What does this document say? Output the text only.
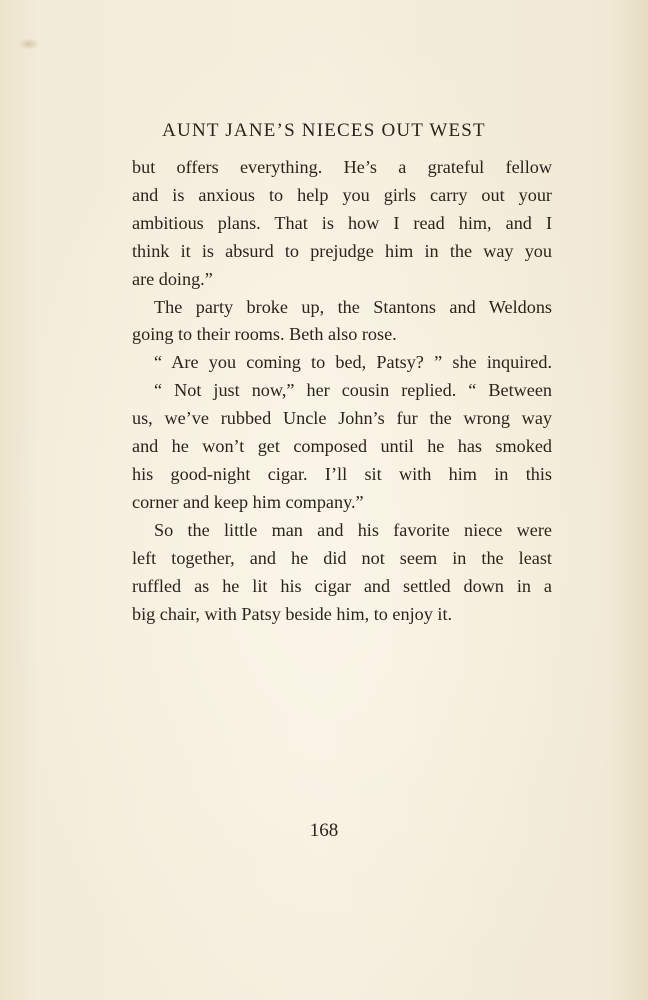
AUNT JANE’S NIECES OUT WEST

but offers everything. He’s a grateful fellow
and is anxious to help you girls carry out your
ambitious plans. That is how I read him, and I
think it is absurd to prejudge him in the way you
are doing.”

The party broke up, the Stantons and Weldons
going to their rooms. Beth also rose.

“ Are you coming to bed, Patsy? ” she inquired.

“ Not just now,” her cousin replied. “ Between
us, we’ve rubbed Uncle John’s fur the wrong way
and he won’t get composed until he has smoked
his good-night cigar. I’ll sit with him in this
corner and keep him company.”

So the little man and his favorite niece were
left together, and he did not seem in the least
ruffled as he lit his cigar and settled down in a
big chair, with Patsy beside him, to enjoy it.

168
